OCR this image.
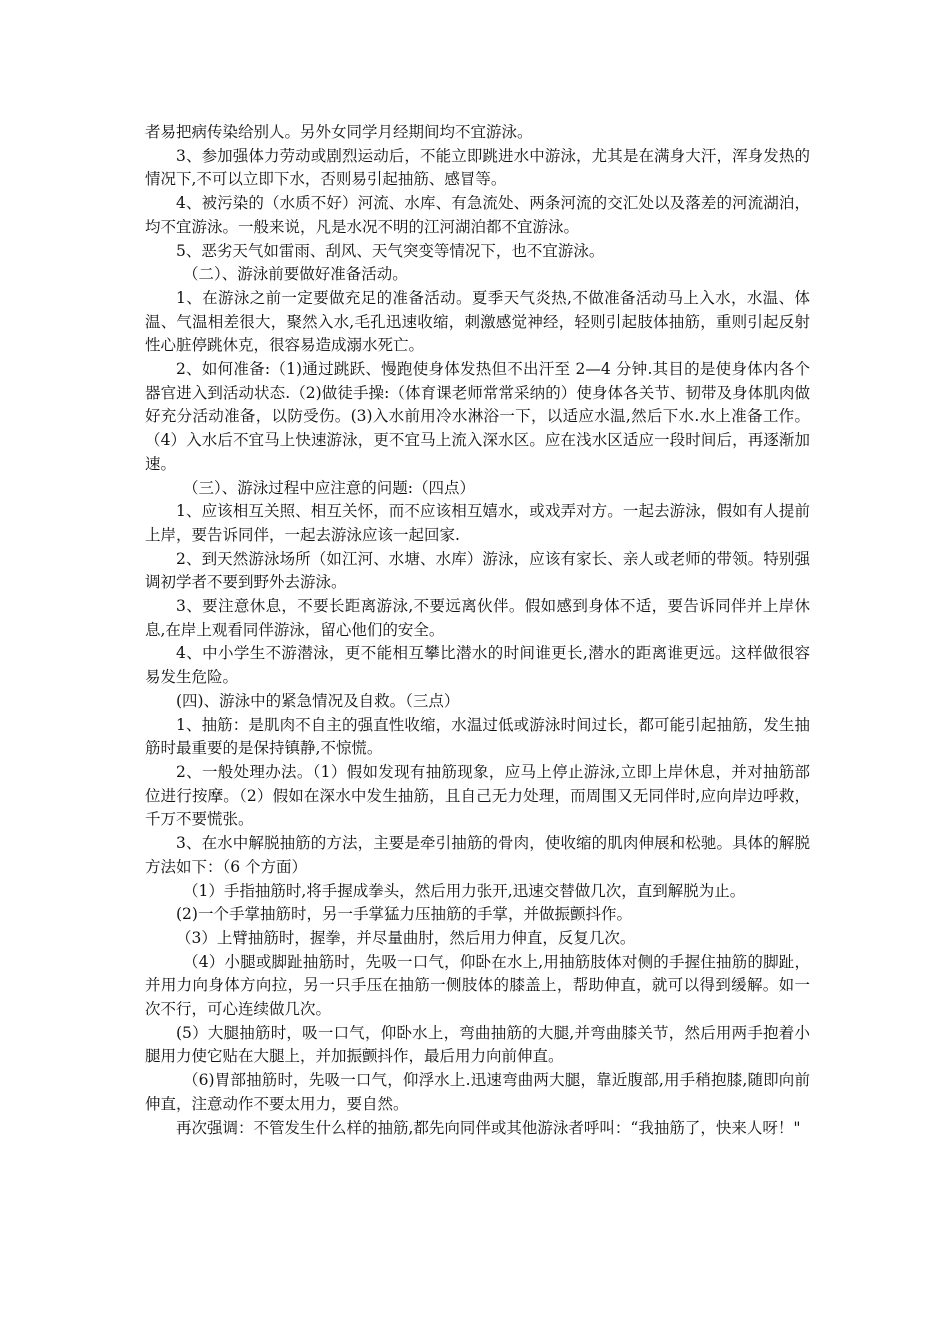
者易把病传染给别人。另外女同学月经期间均不宜游泳。

3、参加强体力劳动或剧烈运动后，不能立即跳进水中游泳，尤其是在满身大汗，浑身发热的情况下,不可以立即下水，否则易引起抽筋、感冒等。

4、被污染的（水质不好）河流、水库、有急流处、两条河流的交汇处以及落差的河流湖泊，均不宜游泳。一般来说，凡是水况不明的江河湖泊都不宜游泳。

5、恶劣天气如雷雨、刮风、天气突变等情况下，也不宜游泳。

（二）、游泳前要做好准备活动。

1、在游泳之前一定要做充足的准备活动。夏季天气炎热,不做准备活动马上入水，水温、体温、气温相差很大，聚然入水,毛孔迅速收缩，刺激感觉神经，轻则引起肢体抽筋，重则引起反射性心脏停跳休克，很容易造成溺水死亡。

2、如何准备:（1)通过跳跃、慢跑使身体发热但不出汗至 2—4 分钟.其目的是使身体内各个器官进入到活动状态.（2)做徒手操:（体育课老师常常采纳的）使身体各关节、韧带及身体肌肉做好充分活动准备，以防受伤。(3)入水前用冷水淋浴一下，以适应水温,然后下水.水上准备工作。（4）入水后不宜马上快速游泳，更不宜马上流入深水区。应在浅水区适应一段时间后，再逐渐加速。

（三）、游泳过程中应注意的问题:（四点）

1、应该相互关照、相互关怀，而不应该相互嬉水，或戏弄对方。一起去游泳，假如有人提前上岸，要告诉同伴，一起去游泳应该一起回家.

2、到天然游泳场所（如江河、水塘、水库）游泳，应该有家长、亲人或老师的带领。特别强调初学者不要到野外去游泳。

3、要注意休息，不要长距离游泳,不要远离伙伴。假如感到身体不适，要告诉同伴并上岸休息,在岸上观看同伴游泳，留心他们的安全。

4、中小学生不游潜泳，更不能相互攀比潜水的时间谁更长,潜水的距离谁更远。这样做很容易发生危险。

(四)、游泳中的紧急情况及自救。（三点）

1、抽筋：是肌肉不自主的强直性收缩，水温过低或游泳时间过长，都可能引起抽筋，发生抽筋时最重要的是保持镇静,不惊慌。

2、一般处理办法。（1）假如发现有抽筋现象，应马上停止游泳,立即上岸休息，并对抽筋部位进行按摩。（2）假如在深水中发生抽筋，且自己无力处理，而周围又无同伴时,应向岸边呼救，千万不要慌张。

3、在水中解脱抽筋的方法，主要是牵引抽筋的骨肉，使收缩的肌肉伸展和松驰。具体的解脱方法如下：（6 个方面）

（1）手指抽筋时,将手握成拳头，然后用力张开,迅速交替做几次，直到解脱为止。

(2)一个手掌抽筋时，另一手掌猛力压抽筋的手掌，并做振颤抖作。

（3）上臂抽筋时，握拳，并尽量曲肘，然后用力伸直，反复几次。

（4）小腿或脚趾抽筋时，先吸一口气，仰卧在水上,用抽筋肢体对侧的手握住抽筋的脚趾，并用力向身体方向拉，另一只手压在抽筋一侧肢体的膝盖上，帮助伸直，就可以得到缓解。如一次不行，可心连续做几次。

(5）大腿抽筋时，吸一口气，仰卧水上，弯曲抽筋的大腿,并弯曲膝关节，然后用两手抱着小腿用力使它贴在大腿上，并加振颤抖作，最后用力向前伸直。

（6)胃部抽筋时，先吸一口气，仰浮水上.迅速弯曲两大腿，靠近腹部,用手稍抱膝,随即向前伸直，注意动作不要太用力，要自然。

再次强调：不管发生什么样的抽筋,都先向同伴或其他游泳者呼叫：“我抽筋了，快来人呀！"
